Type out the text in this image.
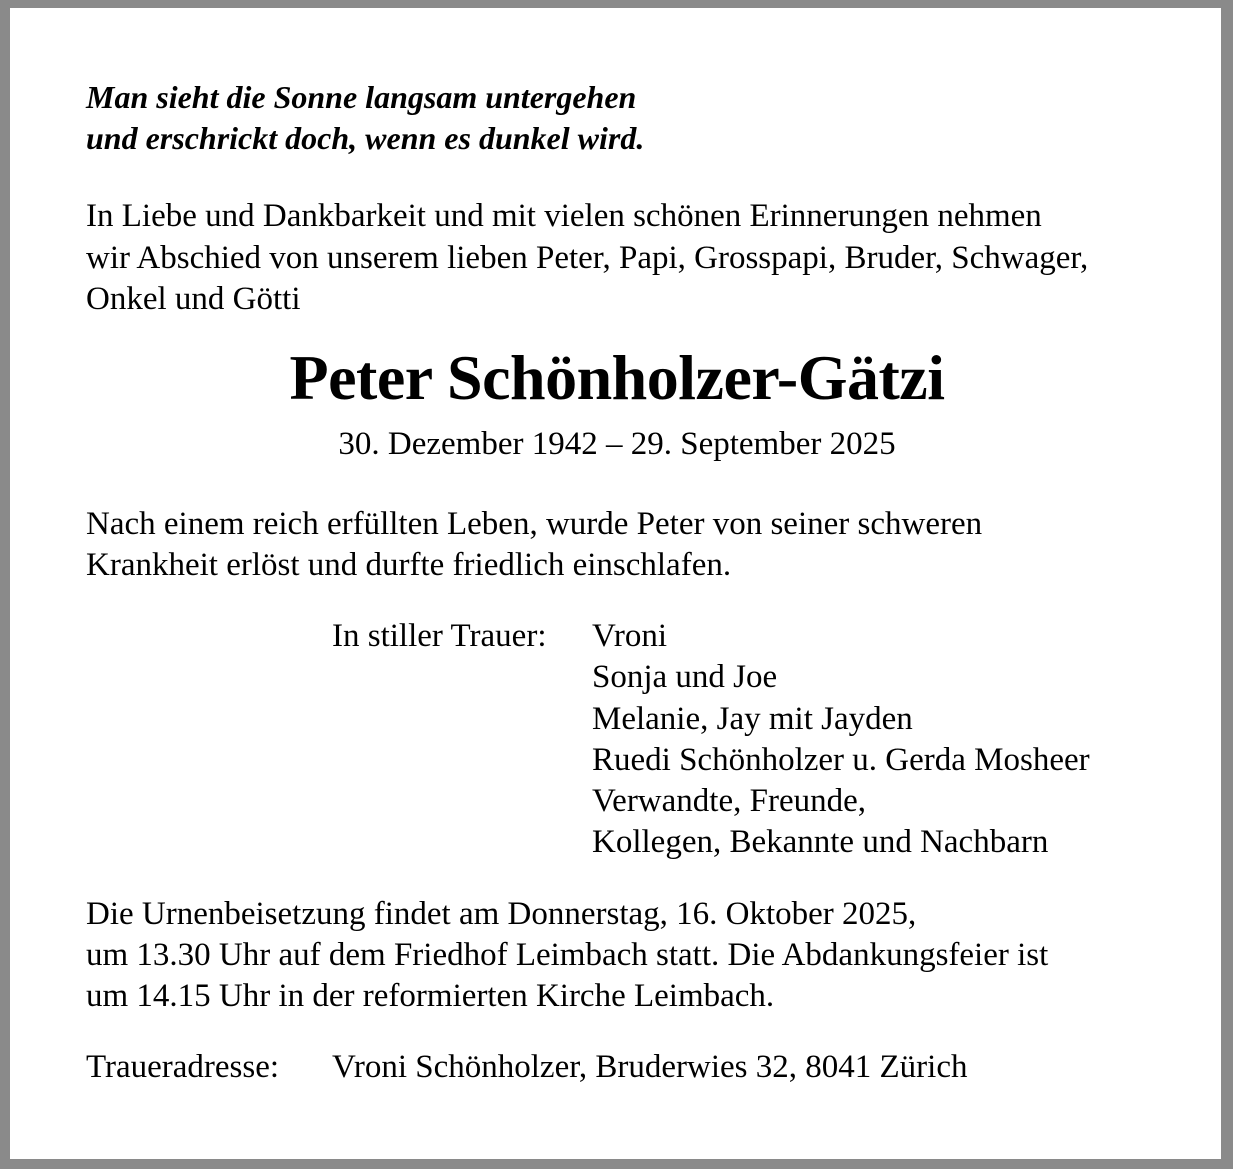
Man sieht die Sonne langsam untergehen
und erschrickt doch, wenn es dunkel wird.
In Liebe und Dankbarkeit und mit vielen schönen Erinnerungen nehmen
wir Abschied von unserem lieben Peter, Papi, Grosspapi, Bruder, Schwager,
Onkel und Götti
Peter Schönholzer-Gätzi
30. Dezember 1942 – 29. September 2025
Nach einem reich erfüllten Leben, wurde Peter von seiner schweren
Krankheit erlöst und durfte friedlich einschlafen.
In stiller Trauer: Vroni
Sonja und Joe
Melanie, Jay mit Jayden
Ruedi Schönholzer u. Gerda Mosheer
Verwandte, Freunde,
Kollegen, Bekannte und Nachbarn
Die Urnenbeisetzung findet am Donnerstag, 16. Oktober 2025,
um 13.30 Uhr auf dem Friedhof Leimbach statt. Die Abdankungsfeier ist
um 14.15 Uhr in der reformierten Kirche Leimbach.
Traueradresse: Vroni Schönholzer, Bruderwies 32, 8041 Zürich
